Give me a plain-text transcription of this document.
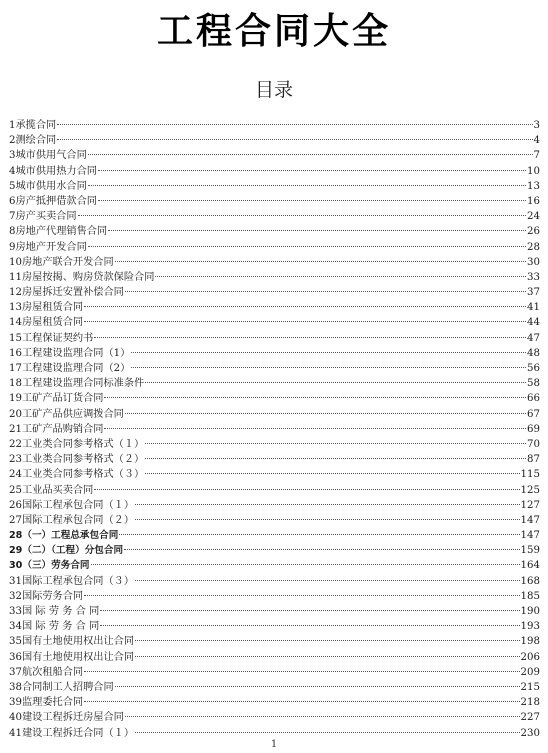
工程合同大全
目录
1 承揽合同	3
2 测绘合同	4
3 城市供用气合同	7
4 城市供用热力合同	10
5 城市供用水合同	13
6 房产抵押借款合同	16
7 房产买卖合同	24
8 房地产代理销售合同	26
9 房地产开发合同	28
10 房地产联合开发合同	30
11 房屋按揭、购房贷款保险合同	33
12 房屋拆迁安置补偿合同	37
13 房屋租赁合同	41
14 房屋租赁合同	44
15 工程保证契约书	47
16 工程建设监理合同（1）	48
17 工程建设监理合同（2）	56
18 工程建设监理合同标准条件	58
19 工矿产品订货合同	66
20 工矿产品供应调拨合同	67
21 工矿产品购销合同	69
22 工业类合同参考格式（１）	70
23 工业类合同参考格式（２）	87
24 工业类合同参考格式（３）	115
25 工业品买卖合同	125
26 国际工程承包合同（１）	127
27 国际工程承包合同（２）	147
28 （一）工程总承包合同	147
29 （二）（工程）分包合同	159
30 （三）劳务合同	164
31 国际工程承包合同（３）	168
32 国际劳务合同	185
33 国 际 劳 务 合 同	190
34 国 际 劳 务 合 同	193
35 国有土地使用权出让合同	198
36 国有土地使用权出让合同	206
37 航次租船合同	209
38 合同制工人招聘合同	215
39 监理委托合同	218
40 建设工程拆迁房屋合同	227
41 建设工程拆迁合同（１）	230
1
